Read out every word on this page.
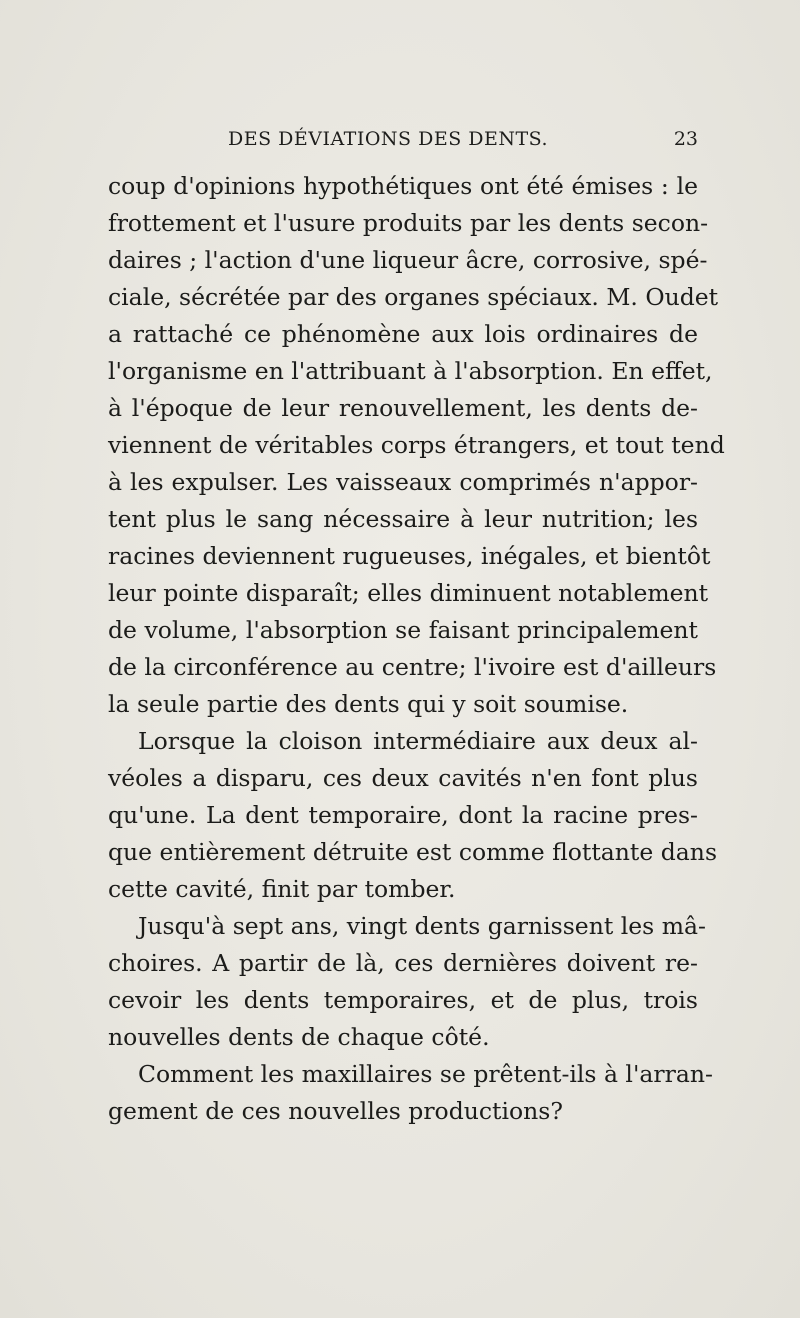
DES DÉVIATIONS DES DENTS.	23
coup d'opinions hypothétiques ont été émises : le
frottement et l'usure produits par les dents secon-
daires ; l'action d'une liqueur âcre, corrosive, spé-
ciale, sécrétée par des organes spéciaux. M. Oudet
a rattaché ce phénomène aux lois ordinaires de
l'organisme en l'attribuant à l'absorption. En effet,
à l'époque de leur renouvellement, les dents de-
viennent de véritables corps étrangers, et tout tend
à les expulser. Les vaisseaux comprimés n'appor-
tent plus le sang nécessaire à leur nutrition; les
racines deviennent rugueuses, inégales, et bientôt
leur pointe disparaît; elles diminuent notablement
de volume, l'absorption se faisant principalement
de la circonférence au centre; l'ivoire est d'ailleurs
la seule partie des dents qui y soit soumise.
Lorsque la cloison intermédiaire aux deux al-
véoles a disparu, ces deux cavités n'en font plus
qu'une. La dent temporaire, dont la racine pres-
que entièrement détruite est comme flottante dans
cette cavité, finit par tomber.
Jusqu'à sept ans, vingt dents garnissent les mâ-
choires. A partir de là, ces dernières doivent re-
cevoir les dents temporaires, et de plus, trois
nouvelles dents de chaque côté.
Comment les maxillaires se prêtent-ils à l'arran-
gement de ces nouvelles productions?
